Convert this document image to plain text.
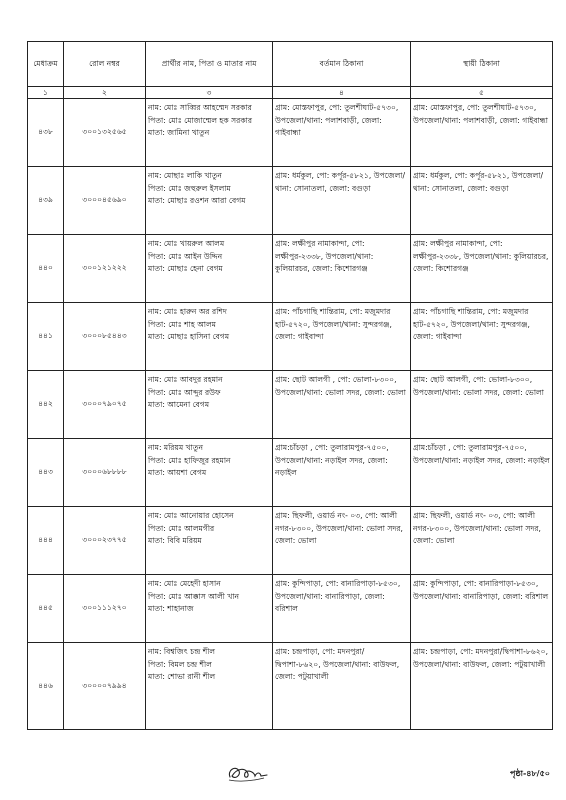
মেধাক্রম	রোল নম্বর	প্রার্থীর নাম, পিতা ও মাতার নাম	বর্তমান ঠিকানা	স্থায়ী ঠিকানা
১	২	৩	৪	৫
৪৩৮	৩০০১৩২৫৬৫	নাম: মোঃ সাব্বির আহম্মেদ সরকার
পিতা: মোঃ মোজাম্মেল হক সরকার
মাতা: জামিনা খাতুন	গ্রাম: মোস্তফাপুর, পো: তুলশীঘাট-৫৭৩০, উপজেলা/থানা: পলাশবাড়ী, জেলা: গাইবান্ধা	গ্রাম: মোস্তফাপুর, পো: তুলশীঘাট-৫৭৩০, উপজেলা/থানা: পলাশবাড়ী, জেলা: গাইবান্ধা

৪৩৯	৩০০০৪৫৬৯০	নাম: মোছাঃ লাকি খাতুন
পিতা: মোঃ জহুরুল ইসলাম
মাতা: মোছাঃ রওশন আরা বেগম	গ্রাম: ধর্মকুল, পো: কর্পূর-৫৮২১, উপজেলা/থানা: সোনাতলা, জেলা: বগুড়া	গ্রাম: ধর্মকুল, পো: কর্পূর-৫৮২১, উপজেলা/থানা: সোনাতলা, জেলা: বগুড়া

৪৪০	৩০০১২১২২২	নাম: মোঃ খায়রুল আলম
পিতা: মোঃ আইন উদ্দিন
মাতা: মোছাঃ হেনা বেগম	গ্রাম: লক্ষীপুর নামাকান্দা, পো: লক্ষীপুর-২৩৩৮, উপজেলা/থানা: কুলিয়ারচর, জেলা: কিশোরগঞ্জ	গ্রাম: লক্ষীপুর নামাকান্দা, পো: লক্ষীপুর-২৩৩৮, উপজেলা/থানা: কুলিয়ারচর, জেলা: কিশোরগঞ্জ

৪৪১	৩০০০৮৫৪৪৩	নাম: মোঃ হারুন অর রশিদ
পিতা: মোঃ শাহ আলম
মাতা: মোছাঃ হাসিনা বেগম	গ্রাম: পাঁচগাছি শান্তিরাম, পো: মজুমদার হাট-৫৭২০, উপজেলা/থানা: সুন্দরগঞ্জ, জেলা: গাইবান্দা	গ্রাম: পাঁচগাছি শান্তিরাম, পো: মজুমদার হাট-৫৭২০, উপজেলা/থানা: সুন্দরগঞ্জ, জেলা: গাইবান্দা

৪৪২	৩০০০৭৯০৭৫	নাম: মোঃ আবদুর রহমান
পিতা: মোঃ আব্দুর রউফ
মাতা: আমেনা বেগম	গ্রাম: ছোট আলগী , পো: ভোলা-৮৩০০, উপজেলা/থানা: ভোলা সদর, জেলা: ভোলা	গ্রাম: ছোট আলগী, পো: ভোলা-৮৩০০, উপজেলা/থানা: ভোলা সদর, জেলা: ভোলা

৪৪৩	৩০০০৬৮৮৮৮	নাম: মরিয়ম খাতুন
পিতা: মোঃ হাফিজুর রহমান
মাতা: আয়শা বেগম	গ্রাম:চাঁচড়া , পো: তুলারামপুর-৭৫০০, উপজেলা/থানা: নড়াইল সদর, জেলা: নড়াইল	গ্রাম:চাঁচড়া , পো: তুলারামপুর-৭৫০০, উপজেলা/থানা: নড়াইল সদর, জেলা: নড়াইল

৪৪৪	৩০০০২৩৭৭৫	নাম: মোঃ আনোয়ার হোসেন
পিতা: মোঃ আলমগীর
মাতা: বিবি মরিয়ম	গ্রাম: ছিফলী, ওয়ার্ড নং- ০৩, পো: আলী নগর-৮৩০০, উপজেলা/থানা: ভোলা সদর, জেলা: ভোলা	গ্রাম: ছিফলী, ওয়ার্ড নং- ০৩, পো: আলী নগর-৮৩০০, উপজেলা/থানা: ভোলা সদর, জেলা: ভোলা

৪৪৫	৩০০১১১২৭০	নাম: মোঃ মেহেদী হাসান
পিতা: মোঃ আক্কাস আলী খান
মাতা: শাহানাজ	গ্রাম: কুন্দিপাড়া, পো: বানারিপাড়া-৮৫৩০, উপজেলা/থানা: বানারিপাড়া, জেলা: বরিশাল	গ্রাম: কুন্দিপাড়া, পো: বানারিপাড়া-৮৫৩০, উপজেলা/থানা: বানারিপাড়া, জেলা: বরিশাল

৪৪৬	৩০০০০৭৯৯৪	নাম: বিশ্বজিৎ চন্দ্র শীল
পিতা: বিমল চন্দ্র শীল
মাতা: শোভা রানী শীল	গ্রাম: চন্দ্রপাড়া, পো: মদনপুরা/দ্বিপাশা-৮৬২০, উপজেলা/থানা: বাউফল, জেলা: পটুয়াখালী	গ্রাম: চন্দ্রপাড়া, পো: মদনপুরা/দ্বিপাশা-৮৬২০, উপজেলা/থানা: বাউফল, জেলা: পটুয়াখালী
পৃষ্ঠা-৪৮/৫০
